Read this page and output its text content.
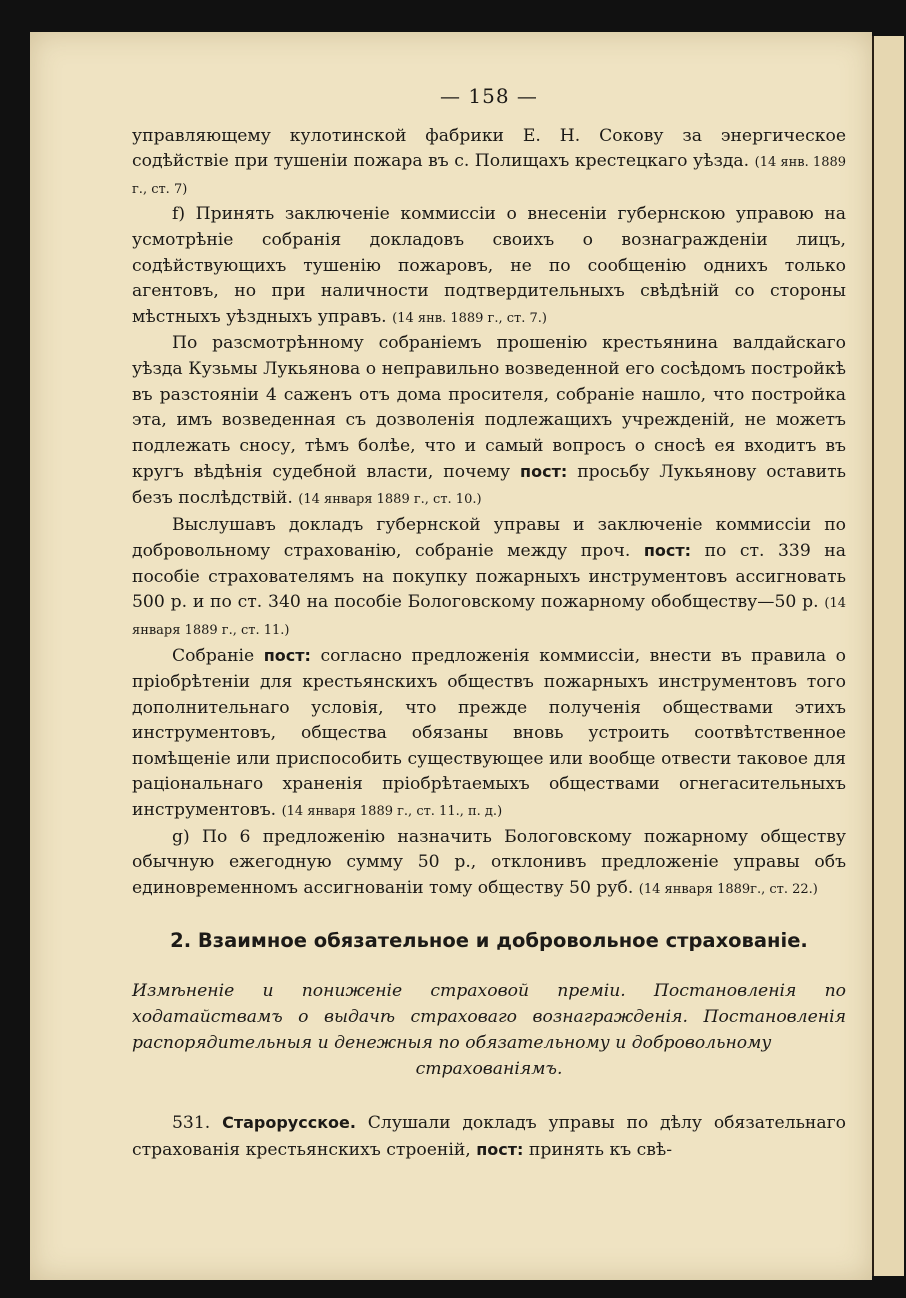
— 158 —

управляющему кулотинской фабрики Е. Н. Сокову за энергическое содѣйствіе при тушеніи пожара въ с. Полищахъ крестецкаго уѣзда. (14 янв. 1889 г., ст. 7)

f) Принять заключеніе коммиссіи о внесеніи губернскою управою на усмотрѣніе собранія докладовъ своихъ о вознагражденіи лицъ, содѣйствующихъ тушенію пожаровъ, не по сообщенію однихъ только агентовъ, но при наличности подтвердительныхъ свѣдѣній со стороны мѣстныхъ уѣздныхъ управъ. (14 янв. 1889 г., ст. 7.)

По разсмотрѣнному собраніемъ прошенію крестьянина валдайскаго уѣзда Кузьмы Лукьянова о неправильно возведенной его сосѣдомъ постройкѣ въ разстояніи 4 саженъ отъ дома просителя, собраніе нашло, что постройка эта, имъ возведенная съ дозволенія подлежащихъ учрежденій, не можетъ подлежать сносу, тѣмъ болѣе, что и самый вопросъ о сносѣ ея входитъ въ кругъ вѣдѣнія судебной власти, почему пост: просьбу Лукьянову оставить безъ послѣдствій. (14 января 1889 г., ст. 10.)

Выслушавъ докладъ губернской управы и заключеніе коммиссіи по добровольному страхованію, собраніе между проч. пост: по ст. 339 на пособіе страхователямъ на покупку пожарныхъ инструментовъ ассигновать 500 р. и по ст. 340 на пособіе Бологовскому пожарному обобществу—50 р. (14 января 1889 г., ст. 11.)

Собраніе пост: согласно предложенія коммиссіи, внести въ правила о пріобрѣтеніи для крестьянскихъ обществъ пожарныхъ инструментовъ того дополнительнаго условія, что прежде полученія обществами этихъ инструментовъ, общества обязаны вновь устроить соотвѣтственное помѣщеніе или приспособить существующее или вообще отвести таковое для раціональнаго храненія пріобрѣтаемыхъ обществами огнегасительныхъ инструментовъ. (14 января 1889 г., ст. 11., п. д.)

g) По 6 предложенію назначить Бологовскому пожарному обществу обычную ежегодную сумму 50 р., отклонивъ предложеніе управы объ единовременномъ ассигнованіи тому обществу 50 руб. (14 января 1889г., ст. 22.)

2. Взаимное обязательное и добровольное страхованіе.
Измѣненіе и пониженіе страховой преміи. Постановленія по ходатайствамъ о выдачѣ страховаго вознагражденія. Постановленія распорядительныя и денежныя по обязательному и добровольному
страхованіямъ.

531. Старорусское. Слушали докладъ управы по дѣлу обязательнаго страхованія крестьянскихъ строеній, пост: принять къ свѣ-
